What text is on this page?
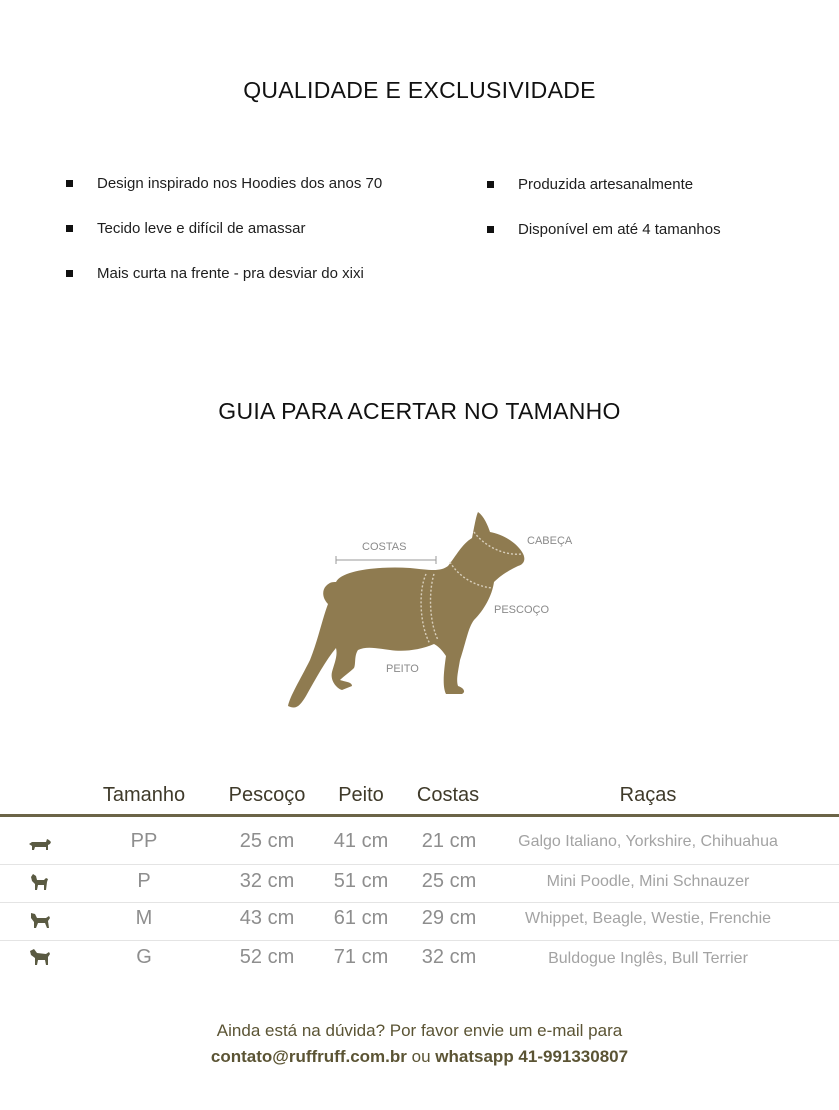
QUALIDADE E EXCLUSIVIDADE
Design inspirado nos Hoodies dos anos 70
Tecido leve e difícil de amassar
Mais curta na frente - pra desviar do xixi
Produzida artesanalmente
Disponível em até 4 tamanhos
GUIA PARA ACERTAR NO TAMANHO
COSTAS	CABEÇA
PESCOÇO
PEITO
Tamanho	Pescoço	Peito	Costas	Raças
PP	25 cm	41 cm	21 cm	Galgo Italiano, Yorkshire, Chihuahua
P	32 cm	51 cm	25 cm	Mini Poodle, Mini Schnauzer
M	43 cm	61 cm	29 cm	Whippet, Beagle, Westie, Frenchie
G	52 cm	71 cm	32 cm	Buldogue Inglês, Bull Terrier
Ainda está na dúvida? Por favor envie um e-mail para
contato@ruffruff.com.br ou whatsapp 41-991330807
